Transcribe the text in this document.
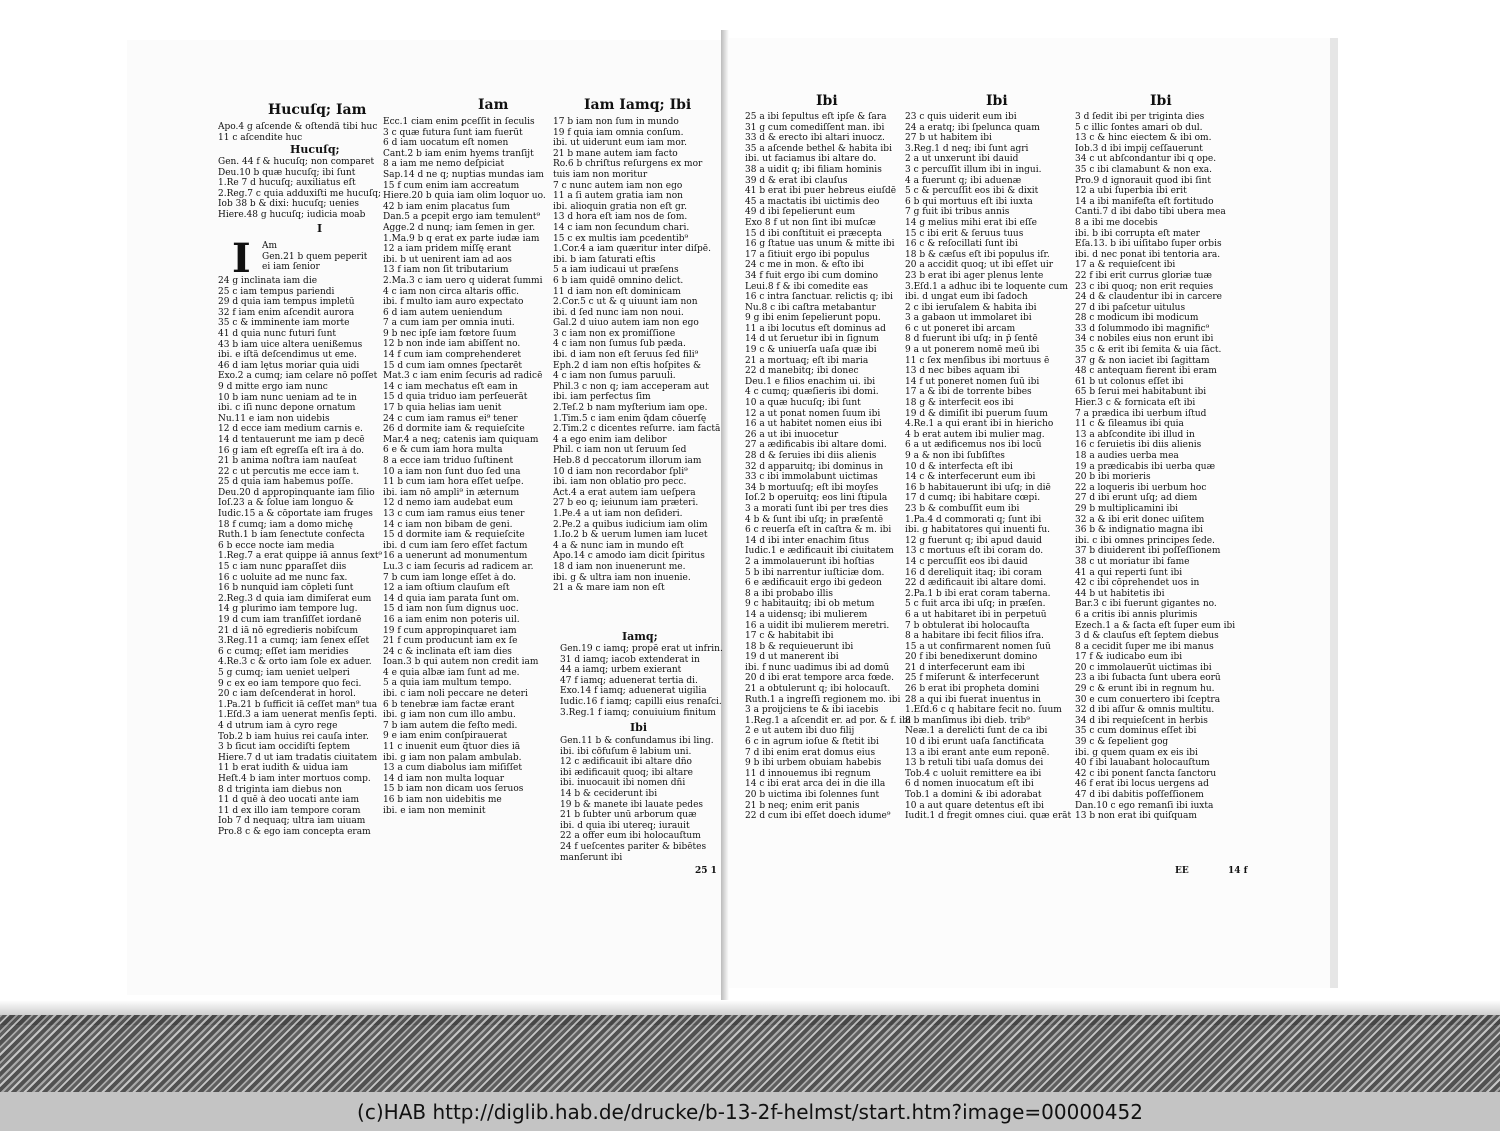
Hucuſq; Iam	Iam	Iam Iamq; Ibi	Ibi	Ibi	Ibi
Apo.4 g aſcende & oſtendã tibi huc
11 c aſcendite huc
Hucuſq;
Gen. 44 f & hucuſq; non comparet
Deu.10 b quæ hucuſq; ibi ſunt
1.Re 7 d hucuſq; auxiliatus eſt
2.Reg.7 c quia adduxiſti me hucuſq;
Iob 38 b & dixi: hucuſq; uenies
Hiere.48 g hucuſq; iudicia moab
I
I Am
Gen.21 b quem peperit
ei iam ſenior
24 g inclinata iam die
25 c iam tempus pariendi
29 d quia iam tempus impletū
32 f iam enim aſcendit aurora
35 c & imminente iam morte
41 d quia nunc futuri ſunt
43 b iam uice altera uenißemus
ibi. e iſtã deſcendimus ut eme.
46 d iam lętus moriar quia uidi
Exo.2 a cumq; iam celare nō poſſet
9 d mitte ergo iam nunc
10 b iam nunc ueniam ad te in
ibi. c iſi nunc depone ornatum
Nu.11 e iam non uidebis
12 d ecce iam medium carnis e.
14 d tentauerunt me iam p decē
16 g iam eſt egreſſa eſt ira à do.
21 b anima noſtra iam nauſeat
22 c ut percutis me ecce iam t.
25 d quia iam habemus poſſe.
Deu.20 d appropinquante iam ſilio
Ioſ.23 a & ſolue iam longuo &
Iudic.15 a & cōportate iam fruges
18 f cumq; iam a domo michę
Ruth.1 b iam ſenectute confecta
6 b ecce nocte iam media
1.Reg.7 a erat quippe iā annus ſext⁹
15 c iam nunc ꝑparaſſet diis
16 c uoluite ad me nunc fax.
16 b nunquid iam cōpleti ſunt
2.Reg.3 d quia iam dimiſerat eum
14 g plurimo iam tempore lug.
19 d cum iam tranſiſſet iordanē
21 d iā nō egredieris nobiſcum
3.Reg.11 a cumq; iam ſenex eſſet
6 c cumq; eſſet iam meridies
4.Re.3 c & orto iam ſole ex aduer.
5 g cumq; iam ueniet uelperi
9 c ex eo iam tempore quo feci.
20 c iam deſcenderat in horol.
1.Pa.21 b ſufficit iā ceſſet man⁹ tua
1.Eſd.3 a iam uenerat menſis ſepti.
4 d utrum iam à cyro rege
Tob.2 b iam huius rei cauſa inter.
3 b ſicut iam occidiſti ſeptem
Hiere.7 d ut iam tradatis ciuitatem
11 b erat iudith & uidua iam
Heſt.4 b iam inter mortuos comp.
8 d triginta iam diebus non
11 d quē à deo uocati ante iam
11 d ex illo iam tempore coram
Iob 7 d nequaq; ultra iam uiuam
Pro.8 c & ego iam concepta eram
Ecc.1 ciam enim ꝑceſſit in ſeculis
3 c quæ futura ſunt iam fuerūt
6 d iam uocatum eſt nomen
Cant.2 b iam enim hyems tranſijt
8 a iam me nemo deſpiciat
Sap.14 d ne q; nuptias mundas iam
15 f cum enim iam accreatum
Hiere.20 b quia iam olim loquor uo.
42 b iam enim placatus ſum
Dan.5 a ꝑcepit ergo iam temulent⁹
Agge.2 d nunq; iam ſemen in ger.
1.Ma.9 b q erat ex parte iudæ iam
12 a iam pridem miſſę erant
ibi. b ut uenirent iam ad aos
13 f iam non ſit tributarium
2.Ma.3 c iam uero q uiderat ſummi
4 c iam non circa altaris offic.
ibi. f multo iam auro expectato
6 d iam autem ueniendum
7 a cum iam per omnia inuti.
9 b nec ipſe iam fœtore ſuum
12 b non inde iam abiſſent no.
14 f cum iam comprehenderet
15 d cum iam omnes ſpectarēt
Mat.3 c iam enim ſecuris ad radicē
14 c iam mechatus eſt eam in
15 d quia triduo iam perſeuerāt
17 b quia helias iam uenit
24 c cum iam ramus ei⁹ tener
26 d dormite iam & requieſcite
Mar.4 a neq; catenis iam quiquam
6 e & cum iam hora multa
8 a ecce iam triduo ſuſtinent
10 a iam non ſunt duo ſed una
11 b cum iam hora eſſet ueſpe.
ibi. iam nō ampli⁹ in æternum
12 d nemo iam audebat eum
13 c cum iam ramus eius tener
14 c iam non bibam de geni.
15 d dormite iam & requieſcite
ibi. d cum iam ſero eſſet factum
16 a uenerunt ad monumentum
Lu.3 c iam ſecuris ad radicem ar.
7 b cum iam longe eſſet à do.
12 a iam oſtium clauſum eſt
14 d quia iam parata ſunt om.
15 d iam non ſum dignus uoc.
16 a iam enim non poteris uil.
19 f cum appropinquaret iam
21 f cum producunt iam ex ſe
24 c & inclinata eſt iam dies
Ioan.3 b qui autem non credit iam
4 e quia albæ iam ſunt ad me.
5 a quia iam multum tempo.
ibi. c iam noli peccare ne deteri
6 b tenebræ iam factæ erant
ibi. g iam non cum illo ambu.
7 b iam autem die feſto medi.
9 e iam enim conſpirauerat
11 c inuenit eum q̃tuor dies iā
ibi. g iam non palam ambulab.
13 a cum diabolus iam miſiſſet
14 d iam non multa loquar
15 b iam non dicam uos ſeruos
16 b iam non uidebitis me
ibi. e iam non meminit
17 b iam non ſum in mundo
19 f quia iam omnia conſum.
ibi. ut uiderunt eum iam mor.
21 b mane autem iam facto
Ro.6 b chriſtus reſurgens ex mor
tuis iam non moritur
7 c nunc autem iam non ego
11 a ſi autem gratia iam non
ibi. alioquin gratia non eſt gr.
13 d hora eſt iam nos de ſom.
14 c iam non ſecundum chari.
15 c ex multis iam ꝑcedentib⁹
1.Cor.4 a iam quæritur inter diſpē.
ibi. b iam ſaturati eſtis
5 a iam iudicaui ut præſens
6 b iam quidē omnino delict.
11 d iam non eſt dominicam
2.Cor.5 c ut & q uiuunt iam non
ibi. d ſed nunc iam non noui.
Gal.2 d uiuo autem iam non ego
3 c iam non ex promiſſione
4 c iam non ſumus ſub pæda.
ibi. d iam non eſt ſeruus ſed fili⁹
Eph.2 d iam non eſtis hoſpites &
4 c iam non ſumus paruuli.
Phil.3 c non q; iam acceperam aut
ibi. iam perfectus ſim
2.Teſ.2 b nam myſterium iam ope.
1.Tim.5 c iam enim q̃dam cōuerſę
2.Tim.2 c dicentes reſurre. iam factā
4 a ego enim iam delibor
Phil. c iam non ut ſeruum ſed
Heb.8 d peccatorum illorum iam
10 d iam non recordabor ſpli⁹
ibi. iam non oblatio pro pecc.
Act.4 a erat autem iam ueſpera
27 b eo q; ieiunum iam præteri.
1.Pe.4 a ut iam non deſideri.
2.Pe.2 a quibus iudicium iam olim
1.Io.2 b & uerum lumen iam lucet
4 a & nunc iam in mundo eſt
Apo.14 c amodo iam dicit ſpiritus
18 d iam non inuenerunt me.
ibi. g & ultra iam non inuenie.
21 a & mare iam non eſt
Iamq;
Gen.19 c iamq; propē erat ut infrin.
31 d iamq; iacob extenderat in
44 a iamq; urbem exierant
47 f iamq; aduenerat tertia di.
Exo.14 f iamq; aduenerat uigilia
Iudic.16 f iamq; capilli eius renaſci.
3.Reg.1 f iamq; conuiuium finitum
Ibi
Gen.11 b & confundamus ibi ling.
ibi. ibi cōfuſum ē labium uni.
12 c ædificauit ibi altare dño
ibi ædificauit quoq; ibi altare
ibi. inuocauit ibi nomen dñi
14 b & ceciderunt ibi
19 b & manete ibi lauate pedes
21 b ſubter unū arborum quæ
ibi. d quia ibi utereq; iurauit
22 a offer eum ibi holocauſtum
24 f ueſcentes pariter & bibētes
manſerunt ibi
25 1
25 a ibi ſepultus eſt ipſe & ſara
31 g cum comediſſent man. ibi
33 d & erecto ibi altari inuocz.
35 a aſcende bethel & habita ibi
ibi. ut faciamus ibi altare do.
38 a uidit q; ibi filiam hominis
39 d & erat ibi clauſus
41 b erat ibi puer hebreus eiuſdē
45 a mactatis ibi uictimis deo
49 d ibi ſepelierunt eum
Exo 8 f ut non ſint ibi muſcæ
15 d ibi conſtituit ei præcepta
16 g ſtatue uas unum & mitte ibi
17 a ſitiuit ergo ibi populus
24 c me in mon. & eſto ibi
34 f fuit ergo ibi cum domino
Leui.8 f & ibi comedite eas
16 c intra ſanctuar. relictis q; ibi
Nu.8 c ibi caſtra metabantur
9 g ibi enim ſepelierunt popu.
11 a ibi locutus eſt dominus ad
14 d ut ſeruetur ibi in ſignum
19 c & uniuerſa uaſa quæ ibi
21 a mortuaq; eſt ibi maria
22 d manebitq; ibi donec
Deu.1 e filios enachim ui. ibi
4 c cumq; quæſieris ibi domi.
10 a quæ hucuſq; ibi ſunt
12 a ut ponat nomen ſuum ibi
16 a ut habitet nomen eius ibi
26 a ut ibi inuocetur
27 a ædificabis ibi altare domi.
28 d & ſeruies ibi diis alienis
32 d apparuitq; ibi dominus in
33 c ibi immolabunt uictimas
34 b mortuuſq; eſt ibi moyſes
Ioſ.2 b operuitq; eos lini ſtipula
3 a morati ſunt ibi per tres dies
4 b & ſunt ibi uſq; in præſentē
6 c reuerſa eſt in caſtra & m. ibi
14 d ibi inter enachim ſitus
Iudic.1 e ædificauit ibi ciuitatem
2 a immolauerunt ibi hoſtias
5 b ibi narrentur iuſticiæ dom.
6 e ædificauit ergo ibi gedeon
8 a ibi probabo illis
9 c habitauitq; ibi ob metum
14 a uidensq; ibi mulierem
16 a uidit ibi mulierem meretri.
17 c & habitabit ibi
18 b & requieuerunt ibi
19 d ut manerent ibi
ibi. f nunc uadimus ibi ad domū
20 d ibi erat tempore arca fœde.
21 a obtulerunt q; ibi holocauſt.
Ruth.1 a ingreſſi regionem mo. ibi
3 a proijciens te & ibi iacebis
1.Reg.1 a aſcendit er. ad por. & f. ibi
2 e ut autem ibi duo filij
6 c in agrum ioſue & ſtetit ibi
7 d ibi enim erat domus eius
9 b ibi urbem obuiam habebis
11 d innouemus ibi regnum
14 c ibi erat arca dei in die illa
20 b uictima ibi ſolennes ſunt
21 b neq; enim erit panis
22 d cum ibi eſſet doech idume⁹
23 c quis uiderit eum ibi
24 a eratq; ibi ſpelunca quam
27 b ut habitem ibi
3.Reg.1 d neq; ibi ſunt agri
2 a ut unxerunt ibi dauid
3 c percuſſit illum ibi in ingui.
4 a fuerunt q; ibi aduenæ
5 c & percuſſit eos ibi & dixit
6 b qui mortuus eſt ibi iuxta
7 g fuit ibi tribus annis
14 g melius mihi erat ibi eſſe
15 c ibi erit & ſeruus tuus
16 c & reſocillati ſunt ibi
18 b & cæſus eſt ibi populus iſr.
20 a accidit quoq; ut ibi eſſet uir
23 b erat ibi ager plenus lente
3.Eſd.1 a adhuc ibi te loquente cum
ibi. d ungat eum ibi ſadoch
2 c ibi ieruſalem & habita ibi
3 a gabaon ut immolaret ibi
6 c ut poneret ibi arcam
8 d fuerunt ibi uſq; in p̄ ſentē
9 a ut ponerem nomē meū ibi
11 c ſex menſibus ibi mortuus ē
13 d nec bibes aquam ibi
14 f ut poneret nomen ſuū ibi
17 a & ibi de torrente bibes
18 g & interfecit eos ibi
19 d & dimiſit ibi puerum ſuum
4.Re.1 a qui erant ibi in hiericho
4 b erat autem ibi mulier mag.
6 a ut ædificemus nos ibi locū
9 a & non ibi ſubſiſtes
10 d & interfecta eſt ibi
14 c & interfecerunt eum ibi
16 b habitauerunt ibi uſq; in diē
17 d cumq; ibi habitare cœpi.
23 b & combuſſit eum ibi
1.Pa.4 d commorati q; ſunt ibi
ibi. g habitatores qui inuenti fu.
12 g fuerunt q; ibi apud dauid
13 c mortuus eſt ibi coram do.
14 c percuſſit eos ibi dauid
16 d dereliquit itaq; ibi coram
22 d ædificauit ibi altare domi.
2.Pa.1 b ibi erat coram taberna.
5 c fuit arca ibi uſq; in præſen.
6 a ut habitaret ibi in perpetuū
7 b obtulerat ibi holocauſta
8 a habitare ibi fecit filios iſra.
15 a ut confirmarent nomen ſuū
20 f ibi benedixerunt domino
21 d interfecerunt eam ibi
25 f miſerunt & interfecerunt
26 b erat ibi propheta domini
28 a qui ibi fuerat inuentus in
1.Eſd.6 c q habitare fecit no. ſuum
8 b manſimus ibi dieb. trib⁹
Neæ.1 a dereliċti ſunt de ca ibi
10 d ibi erunt uaſa ſanctificata
13 a ibi erant ante eum reponē.
13 b retuli tibi uaſa domus dei
Tob.4 c uoluit remittere ea ibi
6 d nomen inuocatum eſt ibi
Tob.1 a domini & ibi adorabat
10 a aut quare detentus eſt ibi
Iudit.1 d fregit omnes ciui. quæ erāt
3 d ſedit ibi per triginta dies
5 c illic ſontes amari ob dul.
13 c & hinc eiectem & ibi om.
Iob.3 d ibi impij ceſſauerunt
34 c ut abſcondantur ibi q ope.
35 c ibi clamabunt & non exa.
Pro.9 d ignorauit quod ibi ſint
12 a ubi ſuperbia ibi erit
14 a ibi manifeſta eſt fortitudo
Canti.7 d ibi dabo tibi ubera mea
8 a ibi me docebis
ibi. b ibi corrupta eſt mater
Eſa.13. b ibi uiſitabo ſuper orbis
ibi. d nec ponat ibi tentoria ara.
17 a & requieſcent ibi
22 f ibi erit currus gloriæ tuæ
23 c ibi quoq; non erit requies
24 d & claudentur ibi in carcere
27 d ibi paſcetur uitulus
28 c modicum ibi modicum
33 d ſolummodo ibi magnific⁹
34 c nobiles eius non erunt ibi
35 c & erit ibi ſemita & uia ſāct.
37 g & non iaciet ibi ſagittam
48 c antequam fierent ibi eram
61 b ut colonus eſſet ibi
65 b ſerui mei habitabunt ibi
Hier.3 c & fornicata eſt ibi
7 a prædica ibi uerbum iſtud
11 c & ſileamus ibi quia
13 a abſcondite ibi illud in
16 c ſeruietis ibi diis alienis
18 a audies uerba mea
19 a prædicabis ibi uerba quæ
20 b ibi morieris
22 a loqueris ibi uerbum hoc
27 d ibi erunt uſq; ad diem
29 b multiplicamini ibi
32 a & ibi erit donec uiſitem
36 b & indignatio magna ibi
ibi. c ibi omnes principes ſede.
37 b diuiderent ibi poſſeſſionem
38 c ut moriatur ibi fame
41 a qui reperti ſunt ibi
42 c ibi cōprehendet uos in
44 b ut habitetis ibi
Bar.3 c ibi fuerunt gigantes no.
6 a critis ibi annis plurimis
Ezech.1 a & ſacta eſt ſuper eum ibi
3 d & clauſus eſt ſeptem diebus
8 a cecidit ſuper me ibi manus
17 f & iudicabo eum ibi
20 c immolauerūt uictimas ibi
23 a ibi ſubacta ſunt ubera eorū
29 c & erunt ibi in regnum hu.
30 e cum conuertero ibi ſceptra
32 d ibi aſſur & omnis multitu.
34 d ibi requieſcent in herbis
35 c cum dominus eſſet ibi
39 c & ſepelient gog
ibi. g quem quam ex eis ibi
40 f ibi lauabant holocauſtum
42 c ibi ponent ſancta ſanctoru
46 f erat ibi locus uergens ad
47 d ibi dabitis poſſeſſionem
Dan.10 c ego remanſi ibi iuxta
13 b non erat ibi quiſquam
EE	14 f
(c)HAB http://diglib.hab.de/drucke/b-13-2f-helmst/start.htm?image=00000452
